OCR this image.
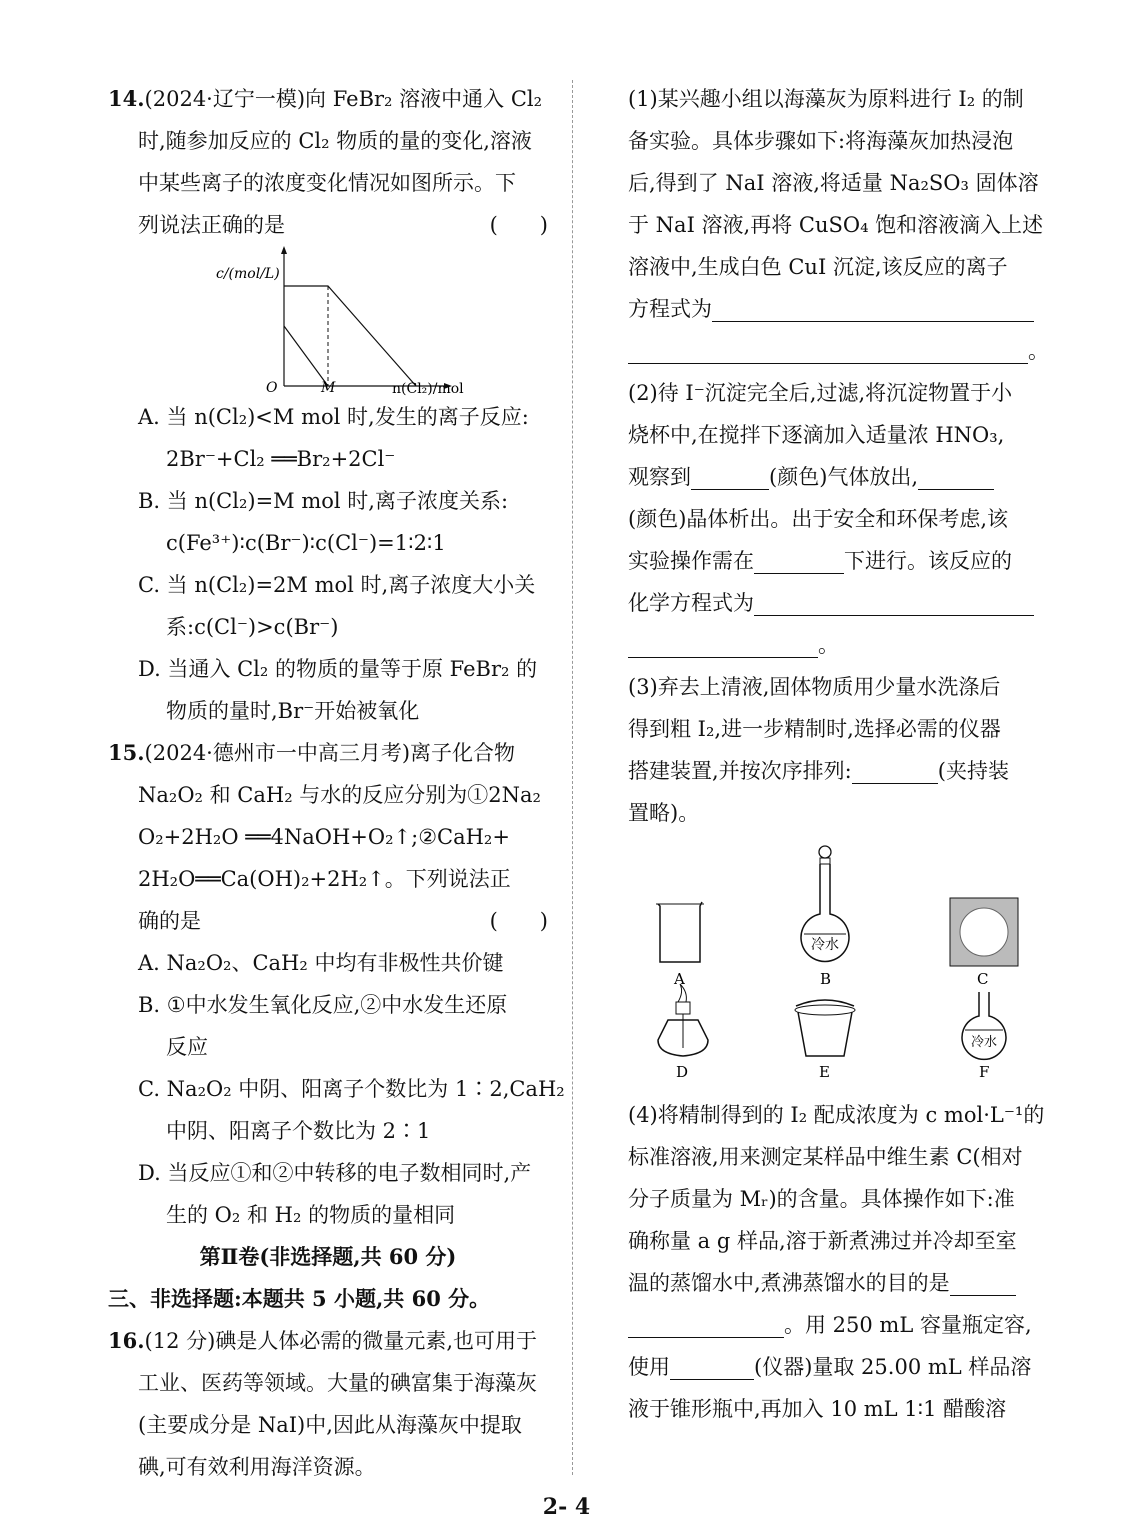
14.(2024·辽宁一模)向 FeBr₂ 溶液中通入 Cl₂
时,随参加反应的 Cl₂ 物质的量的变化,溶液
中某些离子的浓度变化情况如图所示。下
列说法正确的是	(　　)
c/(mol/L)
O	M	n(Cl₂)/mol
A. 当 n(Cl₂)<M mol 时,发生的离子反应:
2Br⁻+Cl₂ ══Br₂+2Cl⁻
B. 当 n(Cl₂)=M mol 时,离子浓度关系:
c(Fe³⁺)∶c(Br⁻)∶c(Cl⁻)=1∶2∶1
C. 当 n(Cl₂)=2M mol 时,离子浓度大小关
系:c(Cl⁻)>c(Br⁻)
D. 当通入 Cl₂ 的物质的量等于原 FeBr₂ 的
物质的量时,Br⁻开始被氧化
15.(2024·德州市一中高三月考)离子化合物
Na₂O₂ 和 CaH₂ 与水的反应分别为①2Na₂
O₂+2H₂O ══4NaOH+O₂↑;②CaH₂+
2H₂O══Ca(OH)₂+2H₂↑。下列说法正
确的是	(　　)
A. Na₂O₂、CaH₂ 中均有非极性共价键
B. ①中水发生氧化反应,②中水发生还原
反应
C. Na₂O₂ 中阴、阳离子个数比为 1∶2,CaH₂
中阴、阳离子个数比为 2∶1
D. 当反应①和②中转移的电子数相同时,产
生的 O₂ 和 H₂ 的物质的量相同
第Ⅱ卷(非选择题,共 60 分)
三、非选择题:本题共 5 小题,共 60 分。
16.(12 分)碘是人体必需的微量元素,也可用于
工业、医药等领域。大量的碘富集于海藻灰
(主要成分是 NaI)中,因此从海藻灰中提取
碘,可有效利用海洋资源。
(1)某兴趣小组以海藻灰为原料进行 I₂ 的制
备实验。具体步骤如下:将海藻灰加热浸泡
后,得到了 NaI 溶液,将适量 Na₂SO₃ 固体溶
于 NaI 溶液,再将 CuSO₄ 饱和溶液滴入上述
溶液中,生成白色 CuI 沉淀,该反应的离子
方程式为
。
(2)待 I⁻沉淀完全后,过滤,将沉淀物置于小
烧杯中,在搅拌下逐滴加入适量浓 HNO₃,
观察到	(颜色)气体放出,
(颜色)晶体析出。出于安全和环保考虑,该
实验操作需在	下进行。该反应的
化学方程式为
。
(3)弃去上清液,固体物质用少量水洗涤后
得到粗 I₂,进一步精制时,选择必需的仪器
搭建装置,并按次序排列:	(夹持装
置略)。
A
冷水
B	C
D	E
冷水
F
(4)将精制得到的 I₂ 配成浓度为 c mol·L⁻¹的
标准溶液,用来测定某样品中维生素 C(相对
分子质量为 Mᵣ)的含量。具体操作如下:准
确称量 a g 样品,溶于新煮沸过并冷却至室
温的蒸馏水中,煮沸蒸馏水的目的是
。用 250 mL 容量瓶定容,
使用	(仪器)量取 25.00 mL 样品溶
液于锥形瓶中,再加入 10 mL 1∶1 醋酸溶
2- 4
